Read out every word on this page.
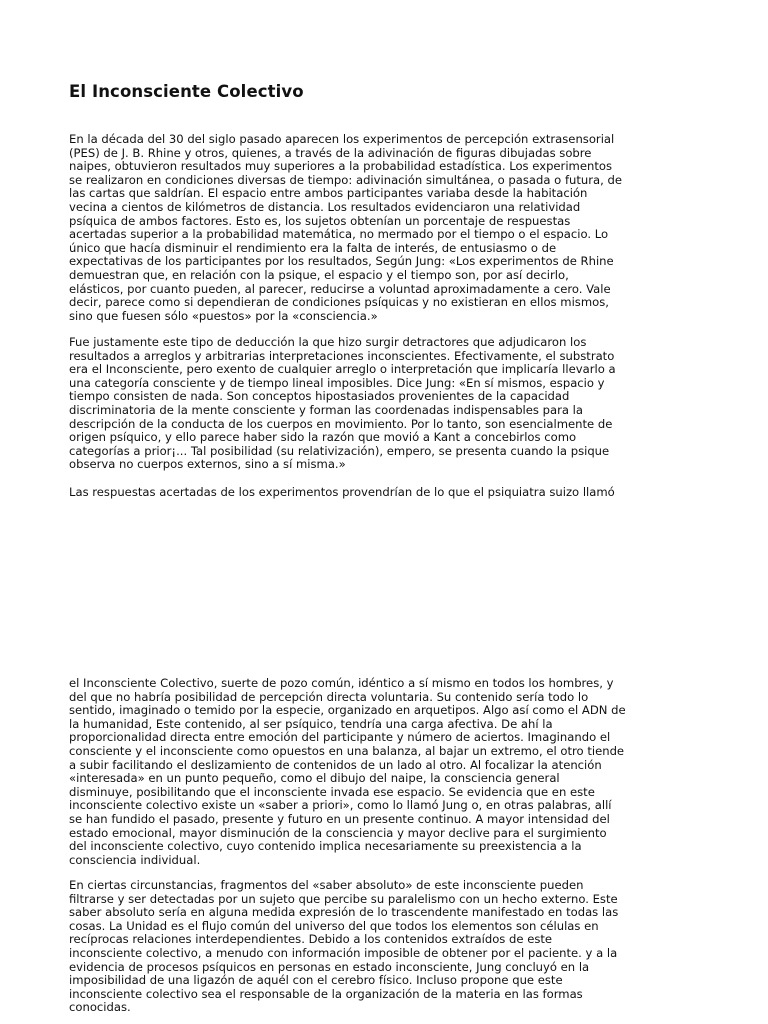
El Inconsciente Colectivo
En la década del 30 del siglo pasado aparecen los experimentos de percepción extrasensorial
(PES) de J. B. Rhine y otros, quienes, a través de la adivinación de figuras dibujadas sobre
naipes, obtuvieron resultados muy superiores a la probabilidad estadística. Los experimentos
se realizaron en condiciones diversas de tiempo: adivinación simultánea, o pasada o futura, de
las cartas que saldrían. El espacio entre ambos participantes variaba desde la habitación
vecina a cientos de kilómetros de distancia. Los resultados evidenciaron una relatividad
psíquica de ambos factores. Esto es, los sujetos obtenían un porcentaje de respuestas
acertadas superior a la probabilidad matemática, no mermado por el tiempo o el espacio. Lo
único que hacía disminuir el rendimiento era la falta de interés, de entusiasmo o de
expectativas de los participantes por los resultados, Según Jung: «Los experimentos de Rhine
demuestran que, en relación con la psique, el espacio y el tiempo son, por así decirlo,
elásticos, por cuanto pueden, al parecer, reducirse a voluntad aproximadamente a cero. Vale
decir, parece como si dependieran de condiciones psíquicas y no existieran en ellos mismos,
sino que fuesen sólo «puestos» por la «consciencia.»
Fue justamente este tipo de deducción la que hizo surgir detractores que adjudicaron los
resultados a arreglos y arbitrarias interpretaciones inconscientes. Efectivamente, el substrato
era el Inconsciente, pero exento de cualquier arreglo o interpretación que implicaría llevarlo a
una categoría consciente y de tiempo lineal imposibles. Dice Jung: «En sí mismos, espacio y
tiempo consisten de nada. Son conceptos hipostasiados provenientes de la capacidad
discriminatoria de la mente consciente y forman las coordenadas indispensables para la
descripción de la conducta de los cuerpos en movimiento. Por lo tanto, son esencialmente de
origen psíquico, y ello parece haber sido la razón que movió a Kant a concebirlos como
categorías a prior¡... Tal posibilidad (su relativización), empero, se presenta cuando la psique
observa no cuerpos externos, sino a sí misma.»
Las respuestas acertadas de los experimentos provendrían de lo que el psiquiatra suizo llamó
el Inconsciente Colectivo, suerte de pozo común, idéntico a sí mismo en todos los hombres, y
del que no habría posibilidad de percepción directa voluntaria. Su contenido sería todo lo
sentido, imaginado o temido por la especie, organizado en arquetipos. Algo así como el ADN de
la humanidad, Este contenido, al ser psíquico, tendría una carga afectiva. De ahí la
proporcionalidad directa entre emoción del participante y número de aciertos. Imaginando el
consciente y el inconsciente como opuestos en una balanza, al bajar un extremo, el otro tiende
a subir facilitando el deslizamiento de contenidos de un lado al otro. Al focalizar la atención
«interesada» en un punto pequeño, como el dibujo del naipe, la consciencia general
disminuye, posibilitando que el inconsciente invada ese espacio. Se evidencia que en este
inconsciente colectivo existe un «saber a priori», como lo llamó Jung o, en otras palabras, allí
se han fundido el pasado, presente y futuro en un presente continuo. A mayor intensidad del
estado emocional, mayor disminución de la consciencia y mayor declive para el surgimiento
del inconsciente colectivo, cuyo contenido implica necesariamente su preexistencia a la
consciencia individual.
En ciertas circunstancias, fragmentos del «saber absoluto» de este inconsciente pueden
filtrarse y ser detectadas por un sujeto que percibe su paralelismo con un hecho externo. Este
saber absoluto sería en alguna medida expresión de lo trascendente manifestado en todas las
cosas. La Unidad es el flujo común del universo del que todos los elementos son células en
recíprocas relaciones interdependientes. Debido a los contenidos extraídos de este
inconsciente colectivo, a menudo con información imposible de obtener por el paciente. y a la
evidencia de procesos psíquicos en personas en estado inconsciente, Jung concluyó en la
imposibilidad de una ligazón de aquél con el cerebro físico. Incluso propone que este
inconsciente colectivo sea el responsable de la organización de la materia en las formas
conocidas.
